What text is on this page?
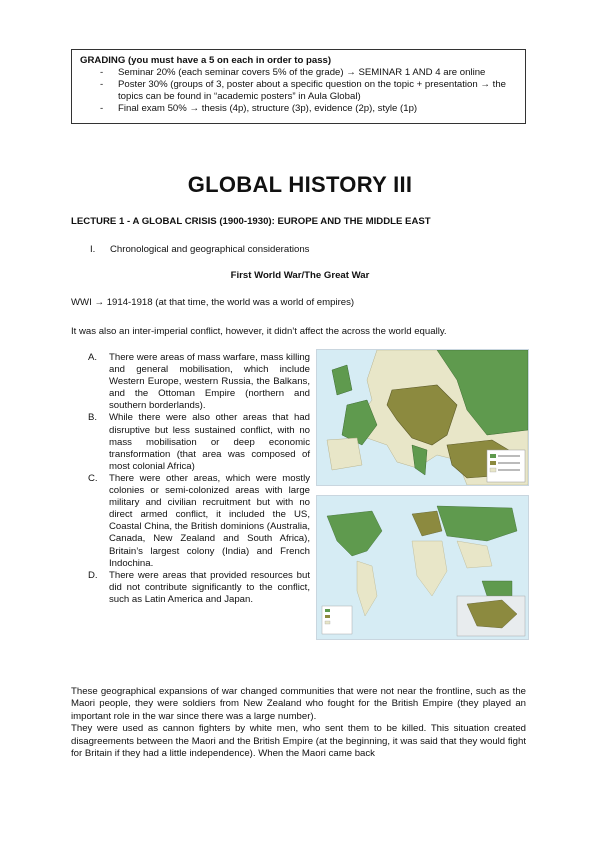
GRADING (you must have a 5 on each in order to pass)
- Seminar 20% (each seminar covers 5% of the grade) → SEMINAR 1 AND 4 are online
- Poster 30% (groups of 3, poster about a specific question on the topic + presentation → the topics can be found in “academic posters” in Aula Global)
- Final exam 50% → thesis (4p), structure (3p), evidence (2p), style (1p)
GLOBAL HISTORY III
LECTURE 1 - A GLOBAL CRISIS (1900-1930): EUROPE AND THE MIDDLE EAST
I. Chronological and geographical considerations
First World War/The Great War
WWI → 1914-1918 (at that time, the world was a world of empires)
It was also an inter-imperial conflict, however, it didn’t affect the across the world equally.
A. There were areas of mass warfare, mass killing and general mobilisation, which include Western Europe, western Russia, the Balkans, and the Ottoman Empire (northern and southern borderlands).
B. While there were also other areas that had disruptive but less sustained conflict, with no mass mobilisation or deep economic transformation (that area was composed of most colonial Africa)
C. There were other areas, which were mostly colonies or semi-colonized areas with large military and civilian recruitment but with no direct armed conflict, it included the US, Coastal China, the British dominions (Australia, Canada, New Zealand and South Africa), Britain’s largest colony (India) and French Indochina.
D. There were areas that provided resources but did not contribute significantly to the conflict, such as Latin America and Japan.

These geographical expansions of war changed communities that were not near the frontline, such as the Maori people, they were soldiers from New Zealand who fought for the British Empire (they played an important role in the war since there was a large number).

They were used as cannon fighters by white men, who sent them to be killed. This situation created disagreements between the Maori and the British Empire (at the beginning, it was said that they would fight for Britain if they had a little independence). When the Maori came back
